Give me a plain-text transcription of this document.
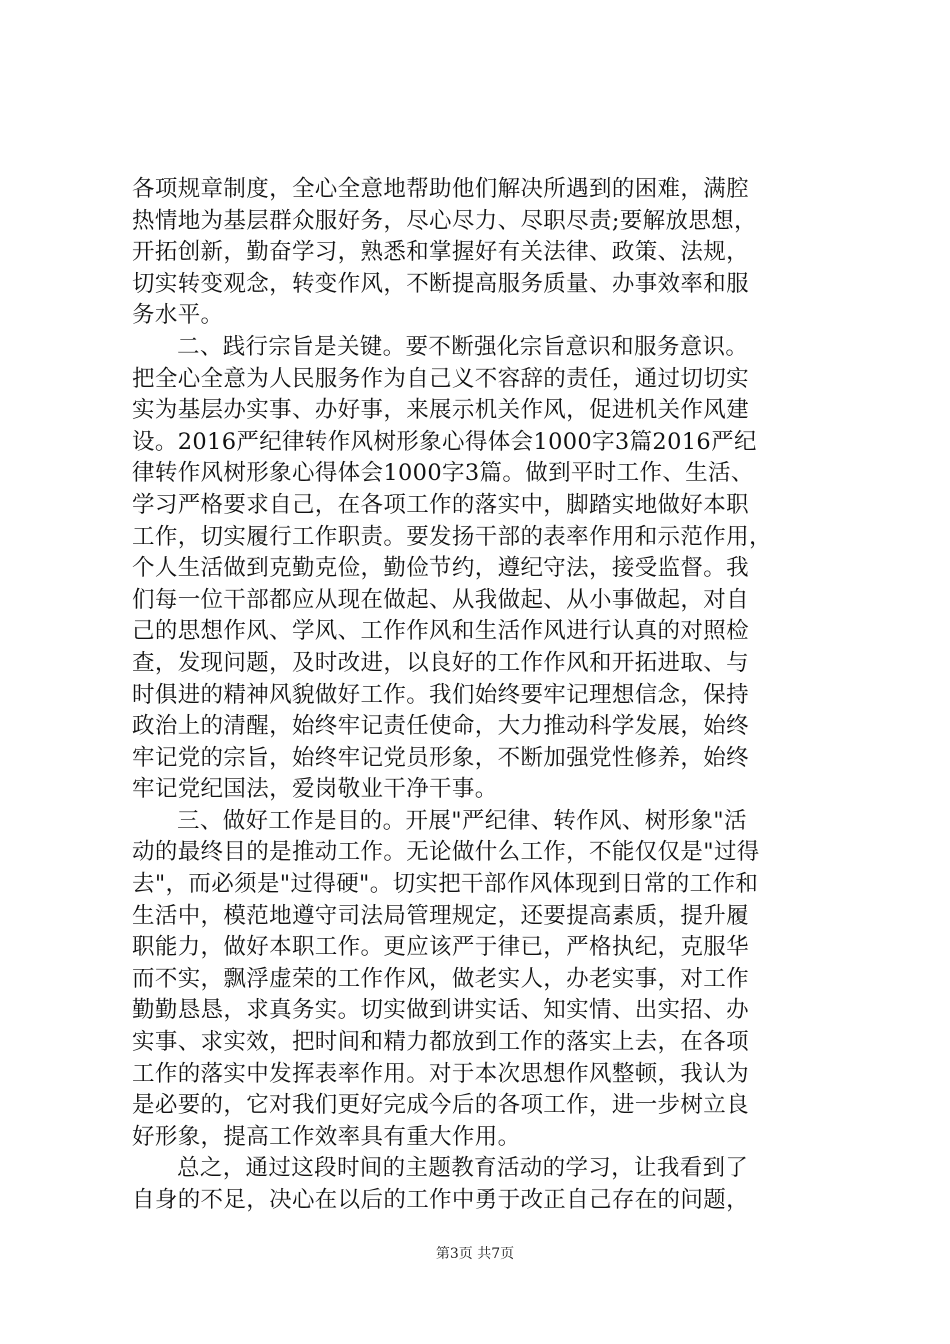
各项规章制度，全心全意地帮助他们解决所遇到的困难，满腔
热情地为基层群众服好务，尽心尽力、尽职尽责;要解放思想，
开拓创新，勤奋学习，熟悉和掌握好有关法律、政策、法规，
切实转变观念，转变作风，不断提高服务质量、办事效率和服
务水平。
二、践行宗旨是关键。要不断强化宗旨意识和服务意识。
把全心全意为人民服务作为自己义不容辞的责任，通过切切实
实为基层办实事、办好事，来展示机关作风，促进机关作风建
设。2016严纪律转作风树形象心得体会1000字3篇2016严纪
律转作风树形象心得体会1000字3篇。做到平时工作、生活、
学习严格要求自己，在各项工作的落实中，脚踏实地做好本职
工作，切实履行工作职责。要发扬干部的表率作用和示范作用，
个人生活做到克勤克俭，勤俭节约，遵纪守法，接受监督。我
们每一位干部都应从现在做起、从我做起、从小事做起，对自
己的思想作风、学风、工作作风和生活作风进行认真的对照检
查，发现问题，及时改进，以良好的工作作风和开拓进取、与
时俱进的精神风貌做好工作。我们始终要牢记理想信念，保持
政治上的清醒，始终牢记责任使命，大力推动科学发展，始终
牢记党的宗旨，始终牢记党员形象，不断加强党性修养，始终
牢记党纪国法，爱岗敬业干净干事。
三、做好工作是目的。开展"严纪律、转作风、树形象"活
动的最终目的是推动工作。无论做什么工作，不能仅仅是"过得
去"，而必须是"过得硬"。切实把干部作风体现到日常的工作和
生活中，模范地遵守司法局管理规定，还要提高素质，提升履
职能力，做好本职工作。更应该严于律已，严格执纪，克服华
而不实，飘浮虚荣的工作作风，做老实人，办老实事，对工作
勤勤恳恳，求真务实。切实做到讲实话、知实情、出实招、办
实事、求实效，把时间和精力都放到工作的落实上去，在各项
工作的落实中发挥表率作用。对于本次思想作风整顿，我认为
是必要的，它对我们更好完成今后的各项工作，进一步树立良
好形象，提高工作效率具有重大作用。
总之，通过这段时间的主题教育活动的学习，让我看到了
自身的不足，决心在以后的工作中勇于改正自己存在的问题，
第3页 共7页
